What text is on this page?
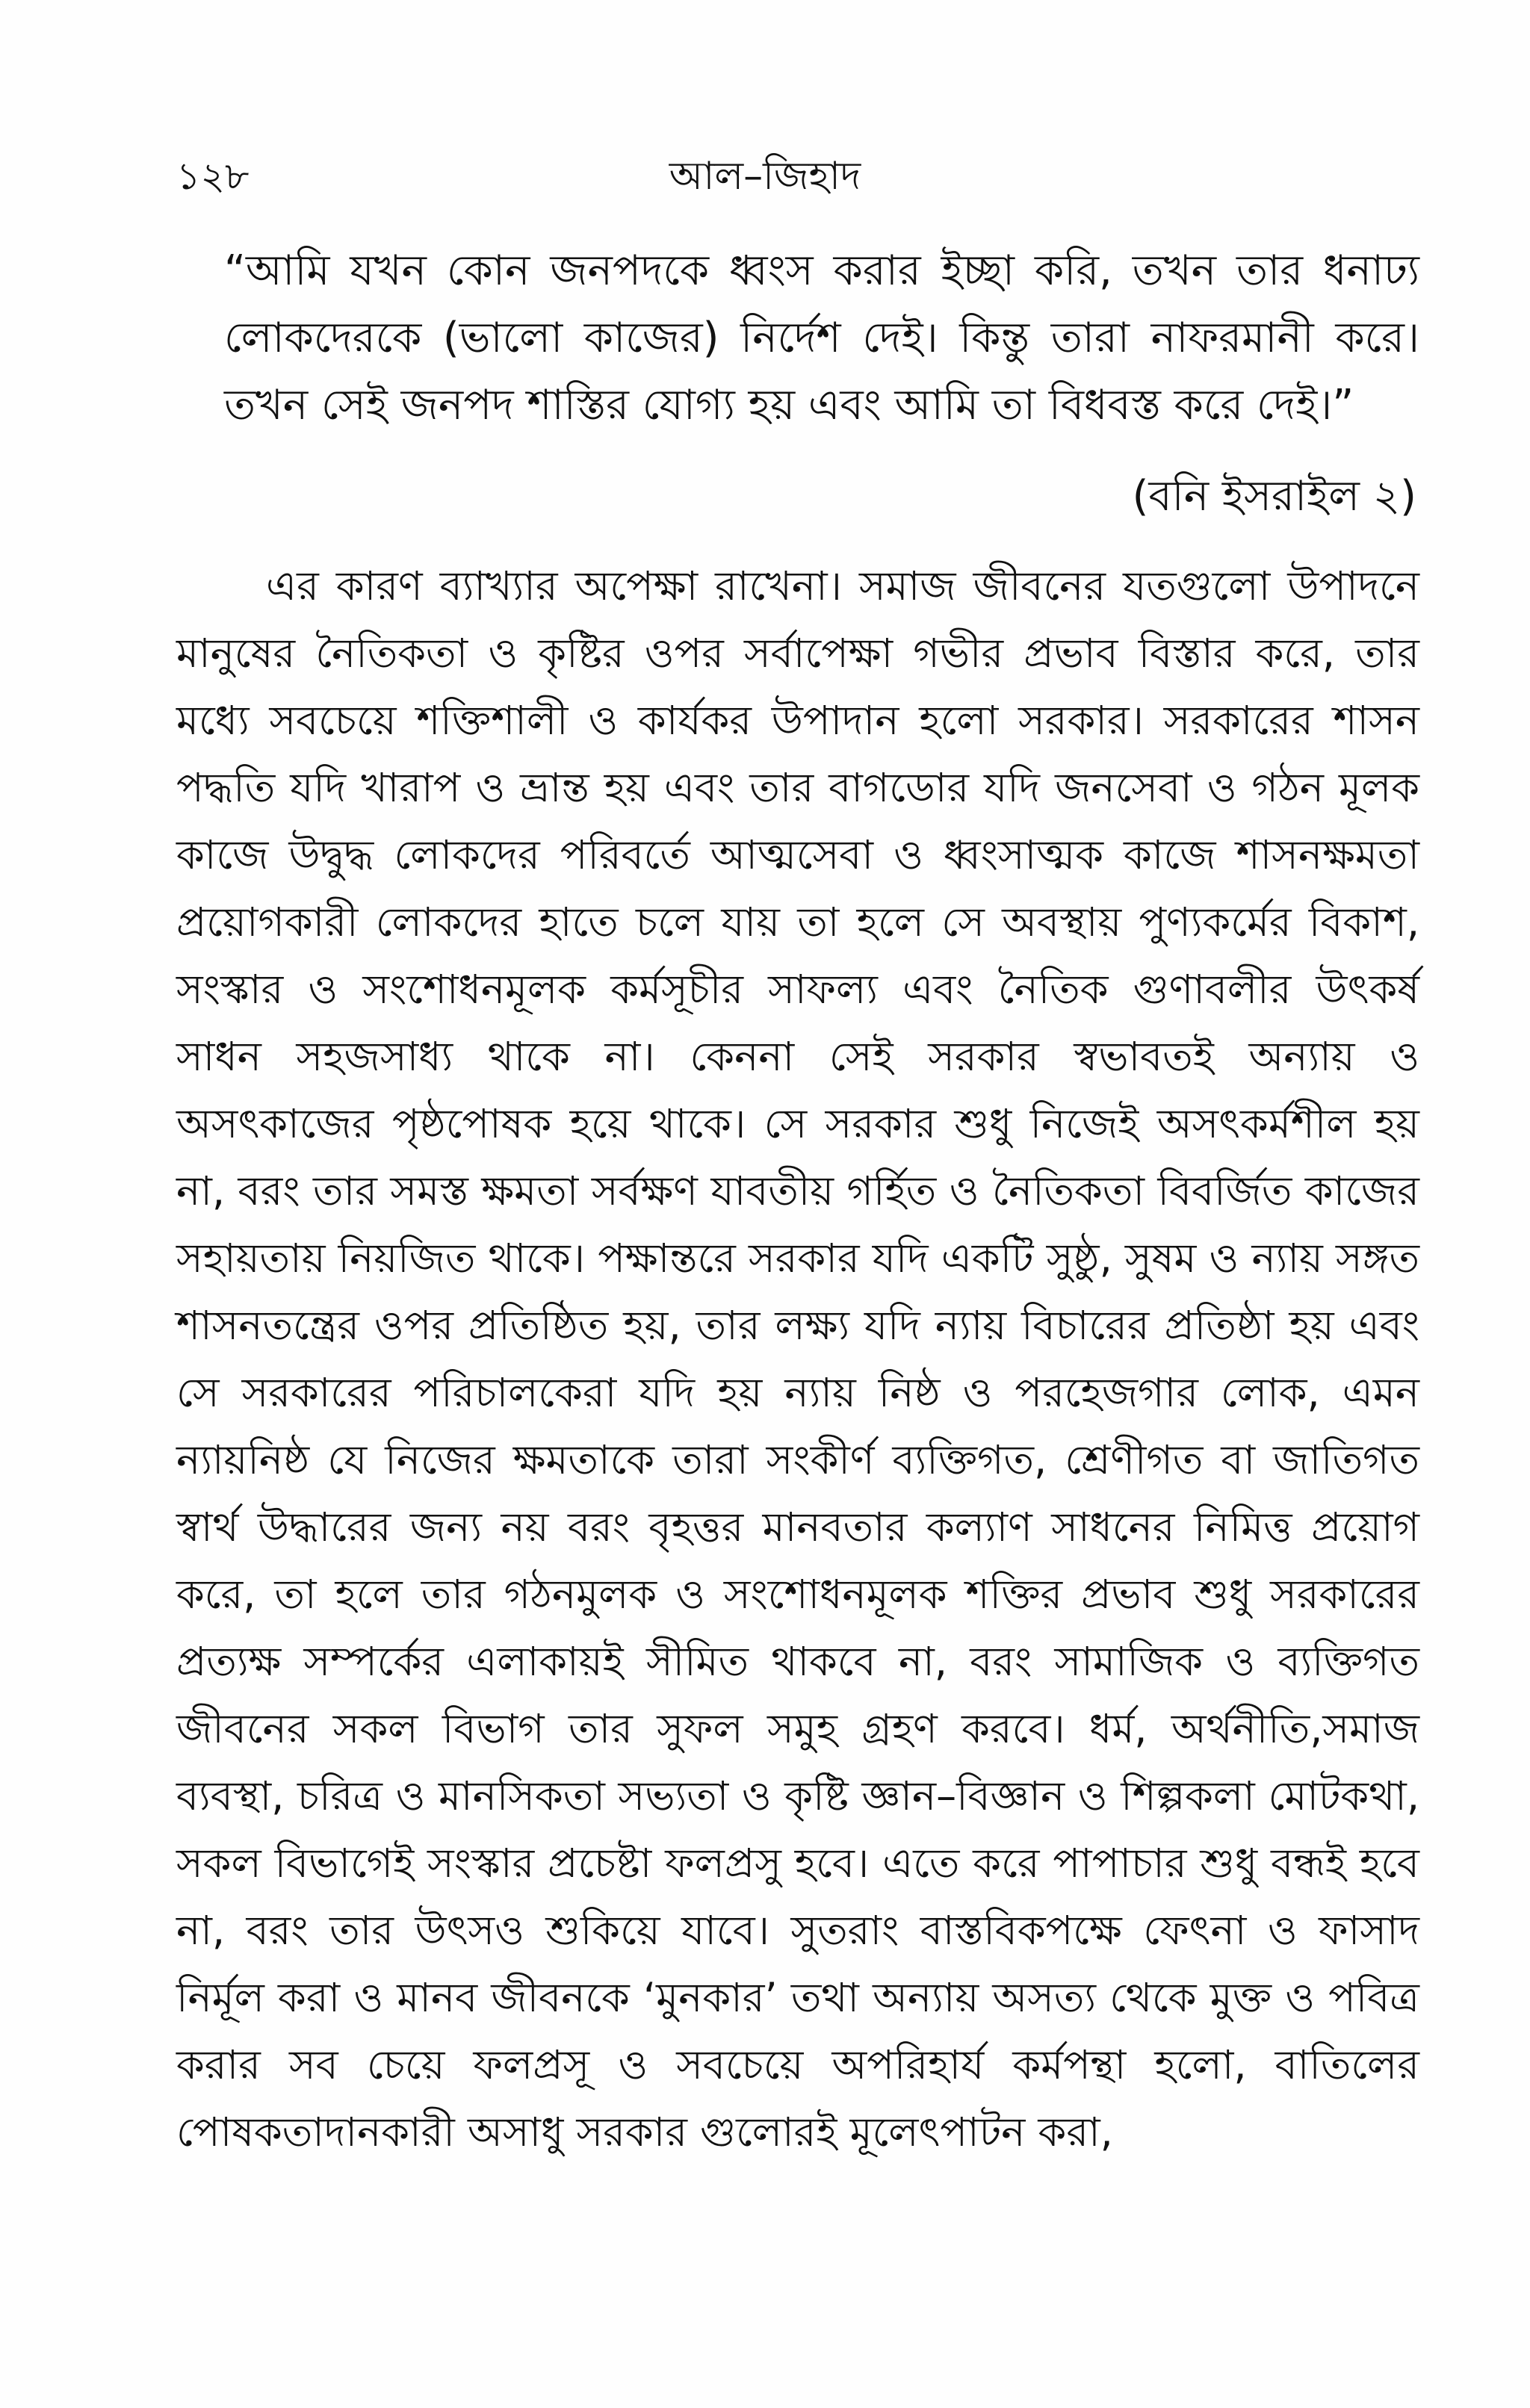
১২৮	আল–জিহাদ
“আমি যখন কোন জনপদকে ধ্বংস করার ইচ্ছা করি, তখন তার ধনাঢ্য লোকদেরকে (ভালো কাজের) নির্দেশ দেই। কিন্তু তারা নাফরমানী করে। তখন সেই জনপদ শাস্তির যোগ্য হয় এবং আমি তা বিধবস্ত করে দেই।”
(বনি ইসরাইল ২)

এর কারণ ব্যাখ্যার অপেক্ষা রাখেনা। সমাজ জীবনের যতগুলো উপাদনে মানুষের নৈতিকতা ও কৃষ্টির ওপর সর্বাপেক্ষা গভীর প্রভাব বিস্তার করে, তার মধ্যে সবচেয়ে শক্তিশালী ও কার্যকর উপাদান হলো সরকার। সরকারের শাসন পদ্ধতি যদি খারাপ ও ভ্রান্ত হয় এবং তার বাগডোর যদি জনসেবা ও গঠন মূলক কাজে উদ্বুদ্ধ লোকদের পরিবর্তে আত্মসেবা ও ধ্বংসাত্মক কাজে শাসনক্ষমতা প্রয়োগকারী লোকদের হাতে চলে যায় তা হলে সে অবস্থায় পুণ্যকর্মের বিকাশ, সংস্কার ও সংশোধনমূলক কর্মসূচীর সাফল্য এবং নৈতিক গুণাবলীর উৎকর্ষ সাধন সহজসাধ্য থাকে না। কেননা সেই সরকার স্বভাবতই অন্যায় ও অসৎকাজের পৃষ্ঠপোষক হয়ে থাকে। সে সরকার শুধু নিজেই অসৎকর্মশীল হয় না, বরং তার সমস্ত ক্ষমতা সর্বক্ষণ যাবতীয় গর্হিত ও নৈতিকতা বিবর্জিত কাজের সহায়তায় নিয়জিত থাকে। পক্ষান্তরে সরকার যদি একটি সুষ্ঠু, সুষম ও ন্যায় সঙ্গত শাসনতন্ত্রের ওপর প্রতিষ্ঠিত হয়, তার লক্ষ্য যদি ন্যায় বিচারের প্রতিষ্ঠা হয় এবং সে সরকারের পরিচালকেরা যদি হয় ন্যায় নিষ্ঠ ও পরহেজগার লোক, এমন ন্যায়নিষ্ঠ যে নিজের ক্ষমতাকে তারা সংকীর্ণ ব্যক্তিগত, শ্রেণীগত বা জাতিগত স্বার্থ উদ্ধারের জন্য নয় বরং বৃহত্তর মানবতার কল্যাণ সাধনের নিমিত্ত প্রয়োগ করে, তা হলে তার গঠনমুলক ও সংশোধনমূলক শক্তির প্রভাব শুধু সরকারের প্রত্যক্ষ সম্পর্কের এলাকায়ই সীমিত থাকবে না, বরং সামাজিক ও ব্যক্তিগত জীবনের সকল বিভাগ তার সুফল সমুহ গ্রহণ করবে। ধর্ম, অর্থনীতি,সমাজ ব্যবস্থা, চরিত্র ও মানসিকতা সভ্যতা ও কৃষ্টি জ্ঞান–বিজ্ঞান ও শিল্পকলা মোটকথা, সকল বিভাগেই সংস্কার প্রচেষ্টা ফলপ্রসু হবে। এতে করে পাপাচার শুধু বন্ধই হবে না, বরং তার উৎসও শুকিয়ে যাবে। সুতরাং বাস্তবিকপক্ষে ফেৎনা ও ফাসাদ নির্মূল করা ও মানব জীবনকে ‘মুনকার’ তথা অন্যায় অসত্য থেকে মুক্ত ও পবিত্র করার সব চেয়ে ফলপ্রসূ ও সবচেয়ে অপরিহার্য কর্মপন্থা হলো, বাতিলের পোষকতাদানকারী অসাধু সরকার গুলোরই মূলেৎপাটন করা,
